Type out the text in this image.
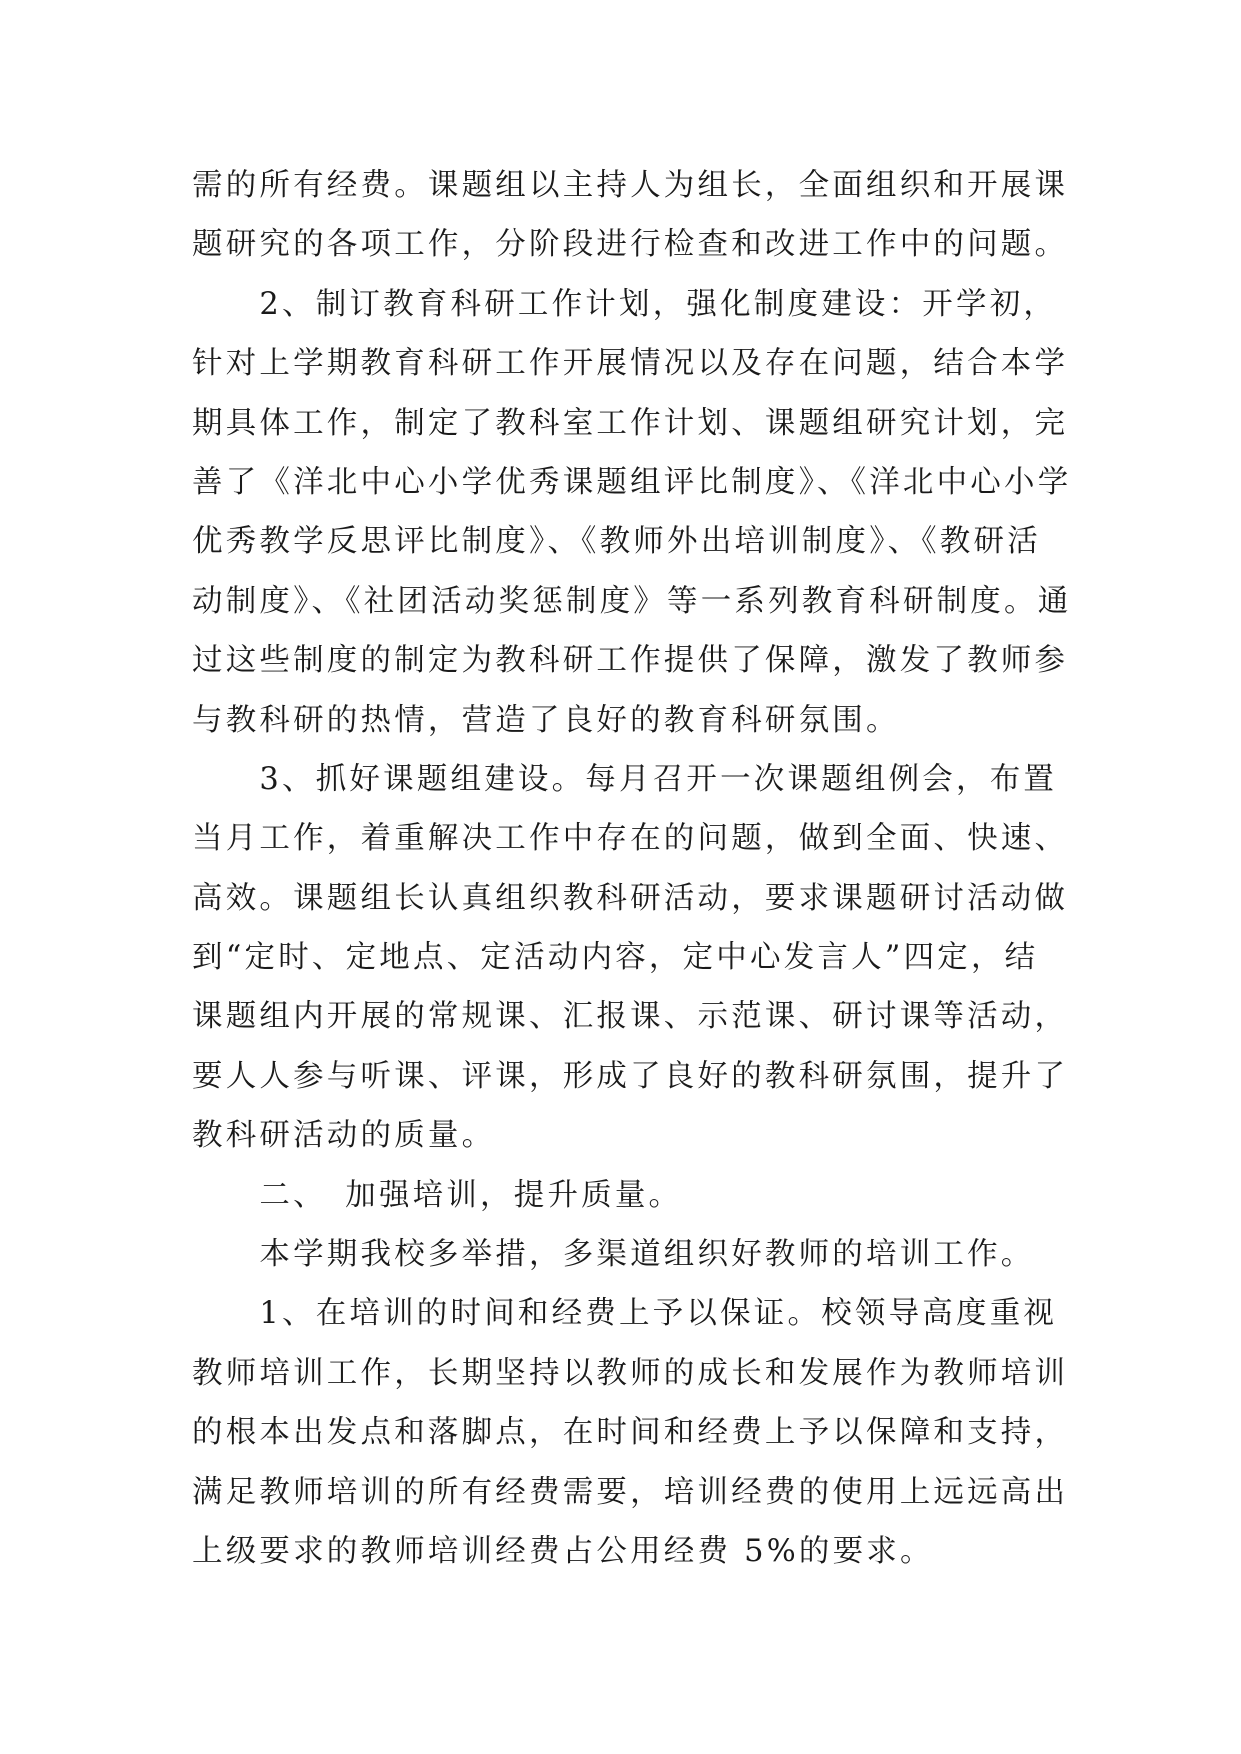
需的所有经费。课题组以主持人为组长，全面组织和开展课
题研究的各项工作，分阶段进行检查和改进工作中的问题。
　　2、制订教育科研工作计划，强化制度建设：开学初，
针对上学期教育科研工作开展情况以及存在问题，结合本学
期具体工作，制定了教科室工作计划、课题组研究计划，完
善了《洋北中心小学优秀课题组评比制度》、《洋北中心小学
优秀教学反思评比制度》、《教师外出培训制度》、《教研活
动制度》、《社团活动奖惩制度》等一系列教育科研制度。通
过这些制度的制定为教科研工作提供了保障，激发了教师参
与教科研的热情，营造了良好的教育科研氛围。
　　3、抓好课题组建设。每月召开一次课题组例会，布置
当月工作，着重解决工作中存在的问题，做到全面、快速、
高效。课题组长认真组织教科研活动，要求课题研讨活动做
到“定时、定地点、定活动内容，定中心发言人”四定，结
课题组内开展的常规课、汇报课、示范课、研讨课等活动，
要人人参与听课、评课，形成了良好的教科研氛围，提升了
教科研活动的质量。
　　二、　加强培训，提升质量。
　　本学期我校多举措，多渠道组织好教师的培训工作。
　　1、在培训的时间和经费上予以保证。校领导高度重视
教师培训工作，长期坚持以教师的成长和发展作为教师培训
的根本出发点和落脚点，在时间和经费上予以保障和支持，
满足教师培训的所有经费需要，培训经费的使用上远远高出
上级要求的教师培训经费占公用经费 5%的要求。
